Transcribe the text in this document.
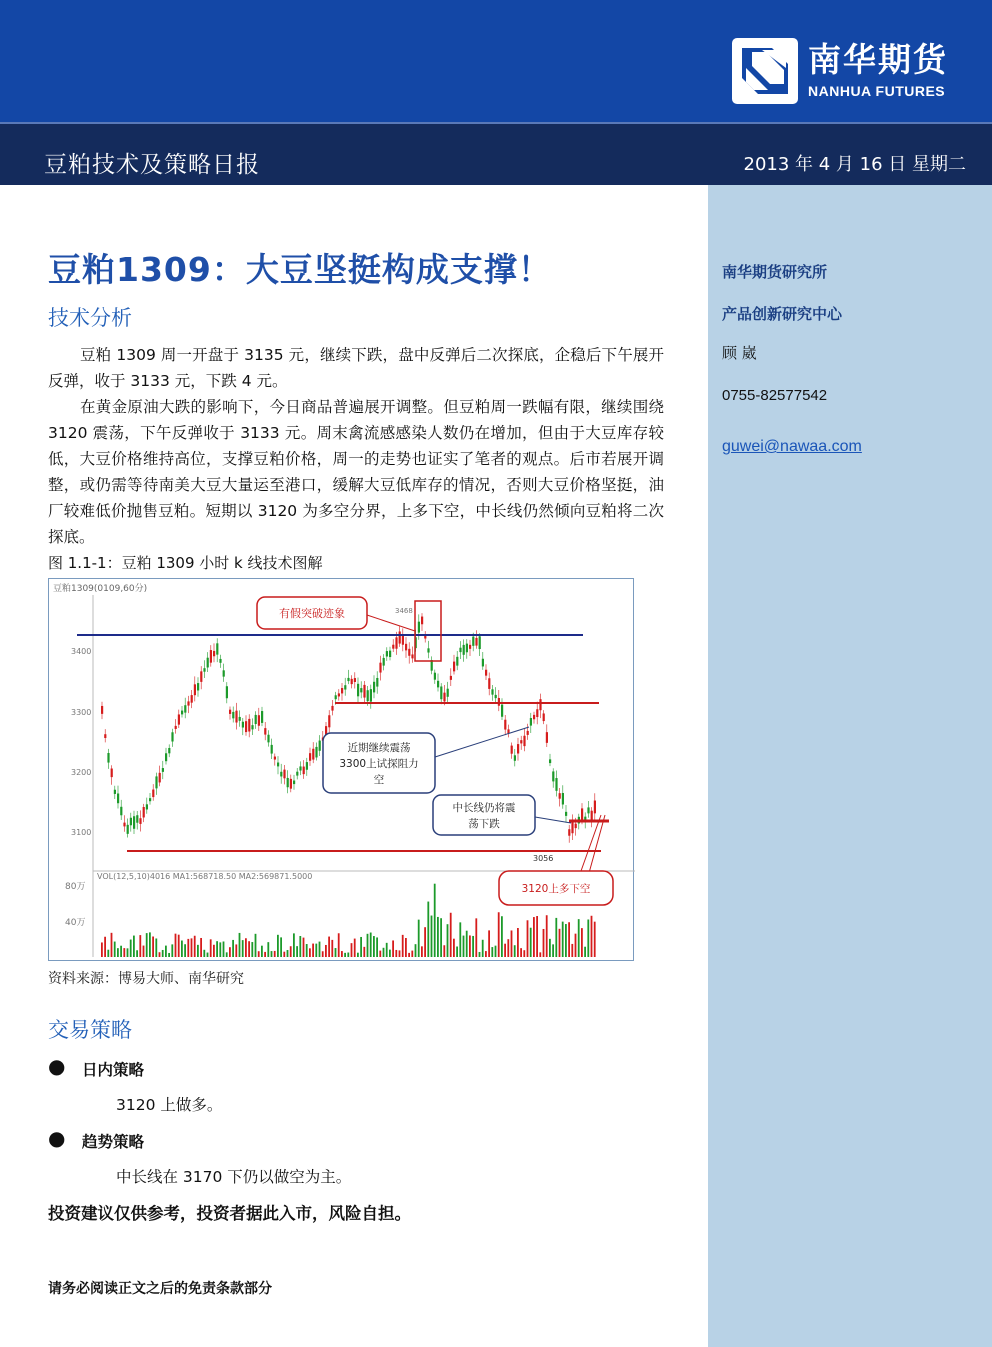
南华期货
NANHUA FUTURES
豆粕技术及策略日报	2013 年 4 月 16 日 星期二
南华期货研究所
产品创新研究中心
顾 崴
0755-82577542
guwei@nawaa.com
豆粕1309：大豆坚挺构成支撑！
技术分析

豆粕 1309 周一开盘于 3135 元，继续下跌，盘中反弹后二次探底，企稳后下午展开反弹，收于 3133 元，下跌 4 元。

在黄金原油大跌的影响下，今日商品普遍展开调整。但豆粕周一跌幅有限，继续围绕 3120 震荡，下午反弹收于 3133 元。周末禽流感感染人数仍在增加，但由于大豆库存较低，大豆价格维持高位，支撑豆粕价格，周一的走势也证实了笔者的观点。后市若展开调整，或仍需等待南美大豆大量运至港口，缓解大豆低库存的情况，否则大豆价格坚挺，油厂较难低价抛售豆粕。短期以 3120 为多空分界，上多下空，中长线仍然倾向豆粕将二次探底。

图 1.1-1：豆粕 1309 小时 k 线技术图解
豆粕1309(0109,60分)
3400
3300
3200
3100
VOL(12,5,10)4016 MA1:568718.50 MA2:569871.5000
80万
40万
3468
3056
有假突破迹象
近期继续震荡
3300上试探阻力
空
中长线仍将震
荡下跌
3120上多下空
资料来源：博易大师、南华研究
交易策略
● 日内策略
3120 上做多。
● 趋势策略
中长线在 3170 下仍以做空为主。
投资建议仅供参考，投资者据此入市，风险自担。
请务必阅读正文之后的免责条款部分
